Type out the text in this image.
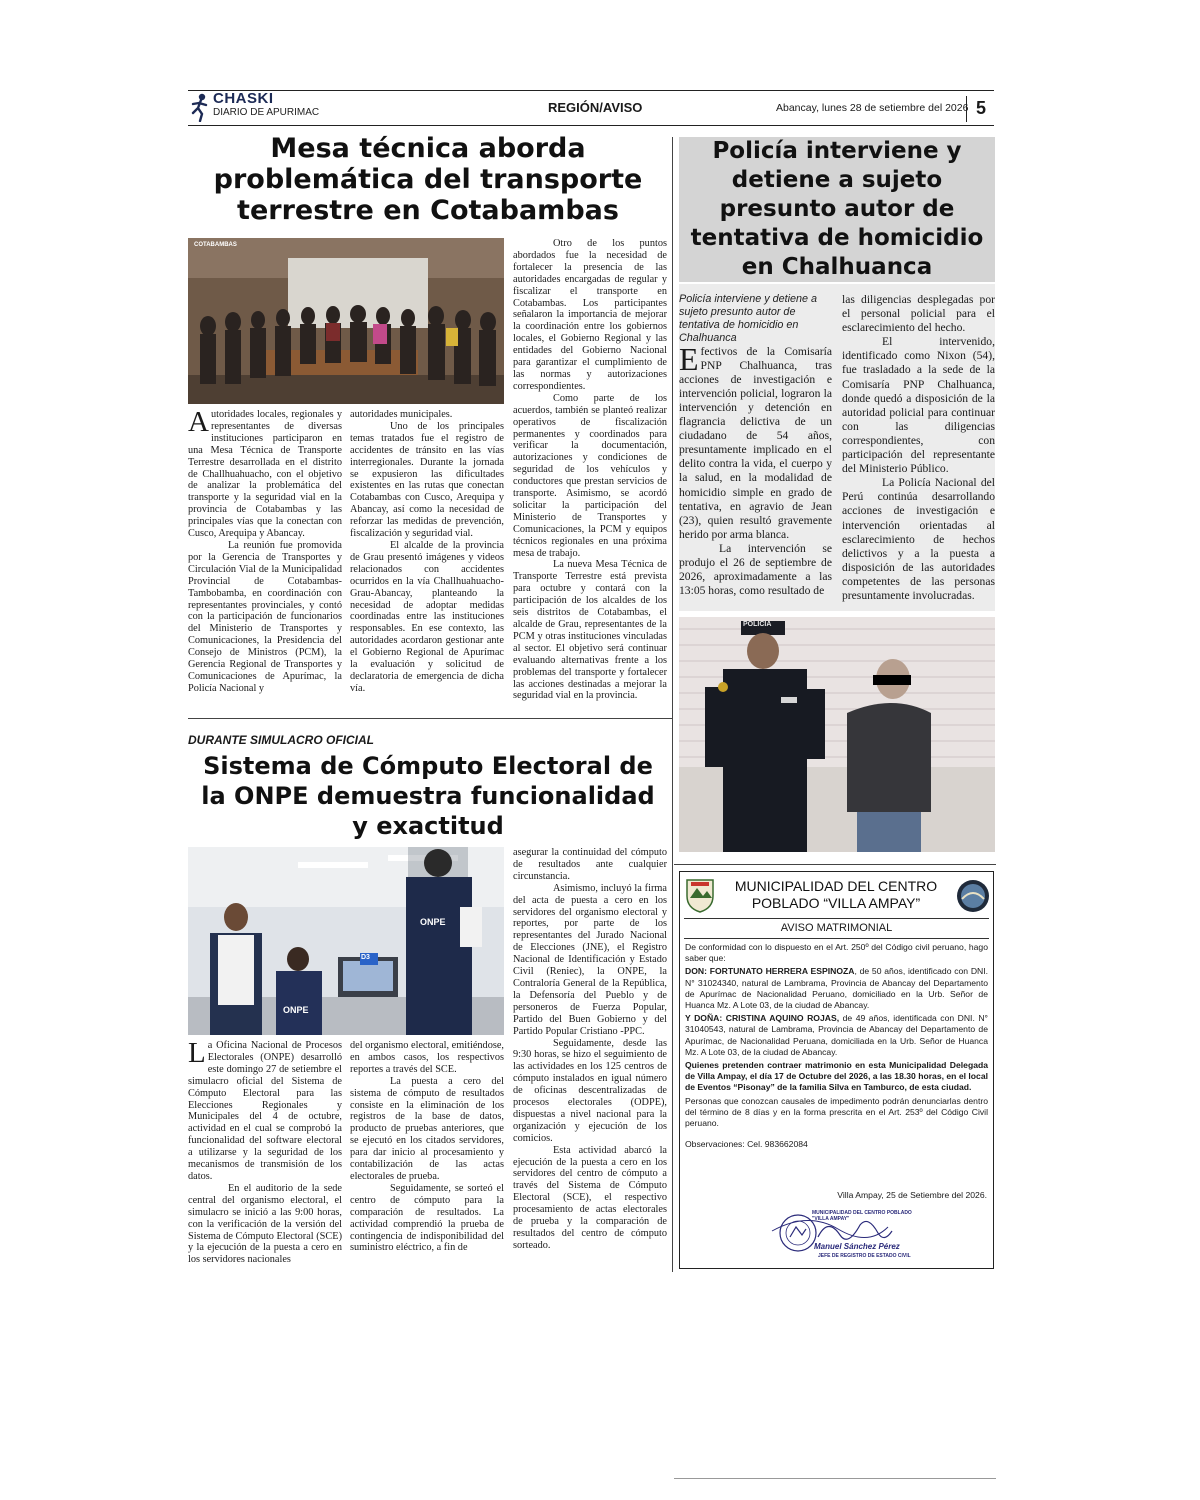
CHASKI
DIARIO DE APURIMAC	REGIÓN/AVISO	Abancay, lunes 28 de setiembre del 2026 5
Mesa técnica aborda problemática del transporte terrestre en Cotabambas
COTABAMBAS

Autoridades locales, regionales y representantes de diversas instituciones participaron en una Mesa Técnica de Transporte Terrestre desarrollada en el distrito de Challhuahuacho, con el objetivo de analizar la problemática del transporte y la seguridad vial en la provincia de Cotabambas y las principales vías que la conectan con Cusco, Arequipa y Abancay.

La reunión fue promovida por la Gerencia de Transportes y Circulación Vial de la Municipalidad Provincial de Cotabambas-Tambobamba, en coordinación con representantes provinciales, y contó con la participación de funcionarios del Ministerio de Transportes y Comunicaciones, la Presidencia del Consejo de Ministros (PCM), la Gerencia Regional de Transportes y Comunicaciones de Apurímac, la Policía Nacional y

autoridades municipales.

Uno de los principales temas tratados fue el registro de accidentes de tránsito en las vías interregionales. Durante la jornada se expusieron las dificultades existentes en las rutas que conectan Cotabambas con Cusco, Arequipa y Abancay, así como la necesidad de reforzar las medidas de prevención, fiscalización y seguridad vial.

El alcalde de la provincia de Grau presentó imágenes y videos relacionados con accidentes ocurridos en la vía Challhuahuacho-Grau-Abancay, planteando la necesidad de adoptar medidas coordinadas entre las instituciones responsables. En ese contexto, las autoridades acordaron gestionar ante el Gobierno Regional de Apurímac la evaluación y solicitud de declaratoria de emergencia de dicha vía.

Otro de los puntos abordados fue la necesidad de fortalecer la presencia de las autoridades encargadas de regular y fiscalizar el transporte en Cotabambas. Los participantes señalaron la importancia de mejorar la coordinación entre los gobiernos locales, el Gobierno Regional y las entidades del Gobierno Nacional para garantizar el cumplimiento de las normas y autorizaciones correspondientes.

Como parte de los acuerdos, también se planteó realizar operativos de fiscalización permanentes y coordinados para verificar la documentación, autorizaciones y condiciones de seguridad de los vehículos y conductores que prestan servicios de transporte. Asimismo, se acordó solicitar la participación del Ministerio de Transportes y Comunicaciones, la PCM y equipos técnicos regionales en una próxima mesa de trabajo.

La nueva Mesa Técnica de Transporte Terrestre está prevista para octubre y contará con la participación de los alcaldes de los seis distritos de Cotabambas, el alcalde de Grau, representantes de la PCM y otras instituciones vinculadas al sector. El objetivo será continuar evaluando alternativas frente a los problemas del transporte y fortalecer las acciones destinadas a mejorar la seguridad vial en la provincia.

DURANTE SIMULACRO OFICIAL
Sistema de Cómputo Electoral de la ONPE demuestra funcionalidad y exactitud
D3
ONPE
ONPE

La Oficina Nacional de Procesos Electorales (ONPE) desarrolló este domingo 27 de setiembre el simulacro oficial del Sistema de Cómputo Electoral para las Elecciones Regionales y Municipales del 4 de octubre, actividad en el cual se comprobó la funcionalidad del software electoral a utilizarse y la seguridad de los mecanismos de transmisión de los datos.

En el auditorio de la sede central del organismo electoral, el simulacro se inició a las 9:00 horas, con la verificación de la versión del Sistema de Cómputo Electoral (SCE) y la ejecución de la puesta a cero en los servidores nacionales

del organismo electoral, emitiéndose, en ambos casos, los respectivos reportes a través del SCE.

La puesta a cero del sistema de cómputo de resultados consiste en la eliminación de los registros de la base de datos, producto de pruebas anteriores, que se ejecutó en los citados servidores, para dar inicio al procesamiento y contabilización de las actas electorales de prueba.

Seguidamente, se sorteó el centro de cómputo para la comparación de resultados. La actividad comprendió la prueba de contingencia de indisponibilidad del suministro eléctrico, a fin de

asegurar la continuidad del cómputo de resultados ante cualquier circunstancia.

Asimismo, incluyó la firma del acta de puesta a cero en los servidores del organismo electoral y reportes, por parte de los representantes del Jurado Nacional de Elecciones (JNE), el Registro Nacional de Identificación y Estado Civil (Reniec), la ONPE, la Contraloría General de la República, la Defensoría del Pueblo y de personeros de Fuerza Popular, Partido del Buen Gobierno y del Partido Popular Cristiano -PPC.

Seguidamente, desde las 9:30 horas, se hizo el seguimiento de las actividades en los 125 centros de cómputo instalados en igual número de oficinas descentralizadas de procesos electorales (ODPE), dispuestas a nivel nacional para la organización y ejecución de los comicios.

Esta actividad abarcó la ejecución de la puesta a cero en los servidores del centro de cómputo a través del Sistema de Cómputo Electoral (SCE), el respectivo procesamiento de actas electorales de prueba y la comparación de resultados del centro de cómputo sorteado.

Policía interviene y detiene a sujeto presunto autor de tentativa de homicidio en Chalhuanca

Policía interviene y detiene a sujeto presunto autor de tentativa de homicidio en Chalhuanca

Efectivos de la Comisaría PNP Chalhuanca, tras acciones de investigación e intervención policial, lograron la intervención y detención en flagrancia delictiva de un ciudadano de 54 años, presuntamente implicado en el delito contra la vida, el cuerpo y la salud, en la modalidad de homicidio simple en grado de tentativa, en agravio de Jean (23), quien resultó gravemente herido por arma blanca.

La intervención se produjo el 26 de septiembre de 2026, aproximadamente a las 13:05 horas, como resultado de

las diligencias desplegadas por el personal policial para el esclarecimiento del hecho.

El intervenido, identificado como Nixon (54), fue trasladado a la sede de la Comisaría PNP Chalhuanca, donde quedó a disposición de la autoridad policial para continuar con las diligencias correspondientes, con participación del representante del Ministerio Público.

La Policía Nacional del Perú continúa desarrollando acciones de investigación e intervención orientadas al esclarecimiento de hechos delictivos y a la puesta a disposición de las autoridades competentes de las personas presuntamente involucradas.

POLICIA
MUNICIPALIDAD DEL CENTRO POBLADO “VILLA AMPAY”
AVISO MATRIMONIAL

De conformidad con lo dispuesto en el Art. 250º del Código civil peruano, hago saber que:

DON: FORTUNATO HERRERA ESPINOZA, de 50 años, identificado con DNI. N° 31024340, natural de Lambrama, Provincia de Abancay del Departamento de Apurímac de Nacionalidad Peruano, domiciliado en la Urb. Señor de Huanca Mz. A Lote 03, de la ciudad de Abancay.

Y DOÑA: CRISTINA AQUINO ROJAS, de 49 años, identificada con DNI. N° 31040543, natural de Lambrama, Provincia de Abancay del Departamento de Apurímac, de Nacionalidad Peruana, domiciliada en la Urb. Señor de Huanca Mz. A Lote 03, de la ciudad de Abancay.

Quienes pretenden contraer matrimonio en esta Municipalidad Delegada de Villa Ampay, el día 17 de Octubre del 2026, a las 18.30 horas, en el local de Eventos “Pisonay” de la familia Silva en Tamburco, de esta ciudad.

Personas que conozcan causales de impedimento podrán denunciarlas dentro del término de 8 días y en la forma prescrita en el Art. 253º del Código Civil peruano.

Observaciones: Cel. 983662084

Villa Ampay, 25 de Setiembre del 2026.
MUNICIPALIDAD DEL CENTRO POBLADO "VILLA AMPAY"
Manuel Sánchez Pérez
JEFE DE REGISTRO DE ESTADO CIVIL
